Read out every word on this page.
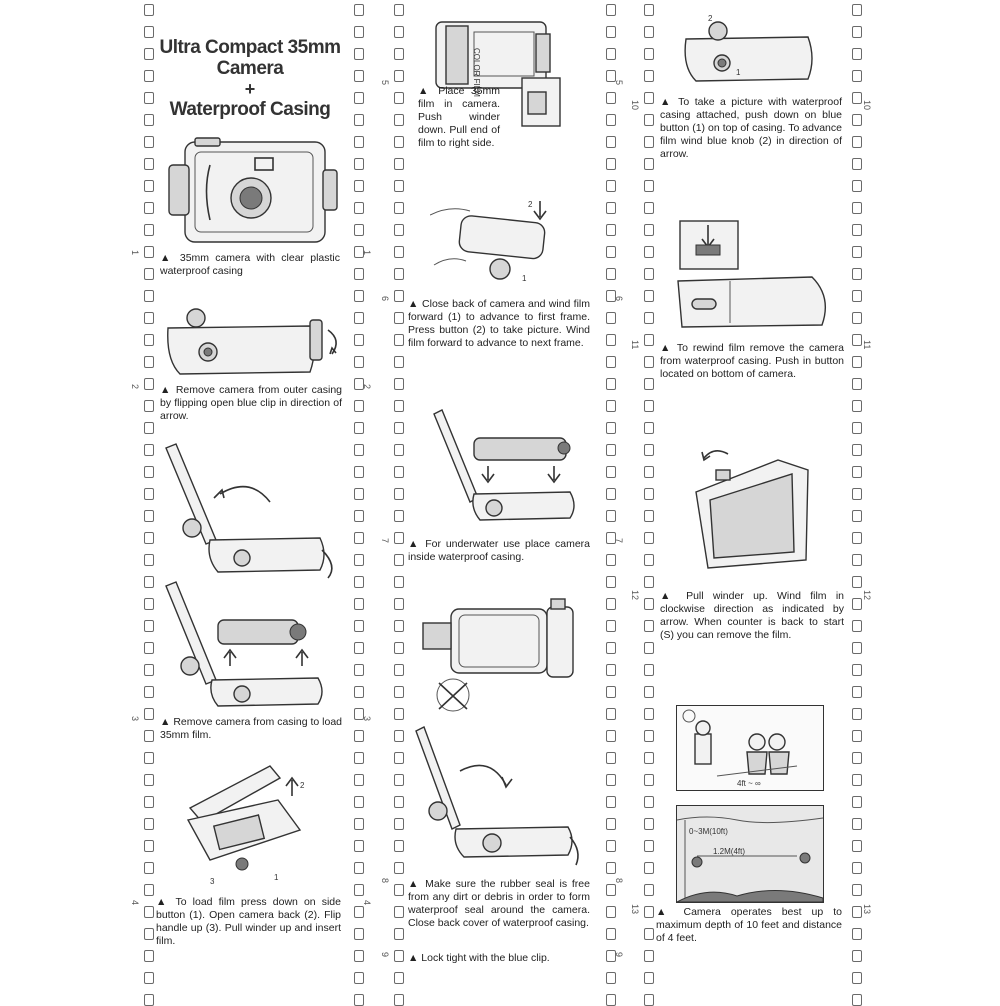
1	1
2	2
3	3
4	4
5	5
6	6
7	7
8	8
9	9
10	10
11	11
12	12
13	13
Ultra Compact 35mm Camera
+
Waterproof Casing
▲ 35mm camera with clear plastic waterproof casing
▲ Remove camera from outer casing by flipping open blue clip in direction of arrow.
▲ Remove camera from casing to load 35mm film.
2
3	1
▲ To load film press down on side button (1). Open camera back (2). Flip handle up (3). Pull winder up and insert film.
COLOR FILM
▲ Place 35mm film in camera. Push winder down. Pull end of film to right side.
2
1
▲ Close back of camera and wind film forward (1) to advance to first frame. Press button (2) to take picture. Wind film forward to advance to next frame.
▲ For underwater use place camera inside waterproof casing.
▲ Make sure the rubber seal is free from any dirt or debris in order to form waterproof seal around the camera. Close back cover of waterproof casing.
▲ Lock tight with the blue clip.
2
1
▲ To take a picture with waterproof casing attached, push down on blue button (1) on top of casing. To advance film wind blue knob (2) in direction of arrow.
▲ To rewind film remove the camera from waterproof casing. Push in button located on bottom of camera.
▲ Pull winder up. Wind film in clockwise direction as indicated by arrow. When counter is back to start (S) you can remove the film.
4ft ~ ∞
0~3M(10ft)
1.2M(4ft)
▲ Camera operates best up to maximum depth of 10 feet and distance of 4 feet.
